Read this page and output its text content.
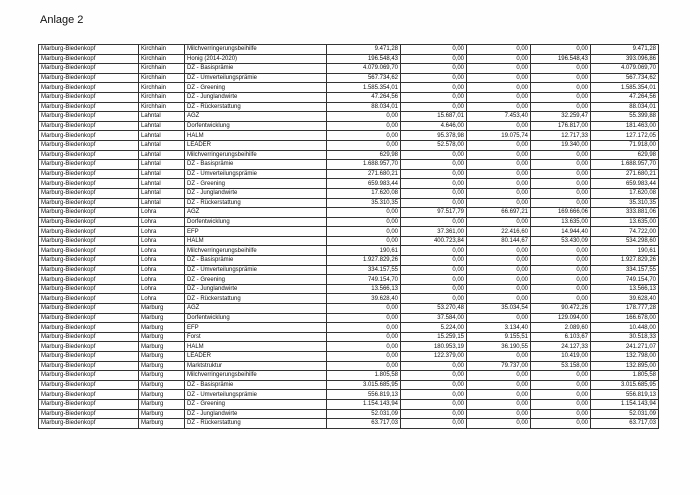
Anlage 2
Marburg-Biedenkopf	Kirchhain	Milchverringerungsbeihilfe	9.471,28	0,00	0,00	0,00	9.471,28
Marburg-Biedenkopf	Kirchhain	Honig (2014-2020)	196.548,43	0,00	0,00	196.548,43	393.096,86
Marburg-Biedenkopf	Kirchhain	DZ - Basisprämie	4.079.069,70	0,00	0,00	0,00	4.079.069,70
Marburg-Biedenkopf	Kirchhain	DZ - Umverteilungsprämie	567.734,62	0,00	0,00	0,00	567.734,62
Marburg-Biedenkopf	Kirchhain	DZ - Greening	1.585.354,01	0,00	0,00	0,00	1.585.354,01
Marburg-Biedenkopf	Kirchhain	DZ - Junglandwirte	47.264,56	0,00	0,00	0,00	47.264,56
Marburg-Biedenkopf	Kirchhain	DZ - Rückerstattung	88.034,01	0,00	0,00	0,00	88.034,01
Marburg-Biedenkopf	Lahntal	AGZ	0,00	15.687,01	7.453,40	32.259,47	55.399,88
Marburg-Biedenkopf	Lahntal	Dorfentwicklung	0,00	4.646,00	0,00	176.817,00	181.463,00
Marburg-Biedenkopf	Lahntal	HALM	0,00	95.378,98	19.075,74	12.717,33	127.172,05
Marburg-Biedenkopf	Lahntal	LEADER	0,00	52.578,00	0,00	19.340,00	71.918,00
Marburg-Biedenkopf	Lahntal	Milchverringerungsbeihilfe	629,98	0,00	0,00	0,00	629,98
Marburg-Biedenkopf	Lahntal	DZ - Basisprämie	1.688.957,70	0,00	0,00	0,00	1.688.957,70
Marburg-Biedenkopf	Lahntal	DZ - Umverteilungsprämie	271.680,21	0,00	0,00	0,00	271.680,21
Marburg-Biedenkopf	Lahntal	DZ - Greening	659.983,44	0,00	0,00	0,00	659.983,44
Marburg-Biedenkopf	Lahntal	DZ - Junglandwirte	17.620,08	0,00	0,00	0,00	17.620,08
Marburg-Biedenkopf	Lahntal	DZ - Rückerstattung	35.310,35	0,00	0,00	0,00	35.310,35
Marburg-Biedenkopf	Lohra	AGZ	0,00	97.517,79	66.697,21	169.666,06	333.881,06
Marburg-Biedenkopf	Lohra	Dorfentwicklung	0,00	0,00	0,00	13.635,00	13.635,00
Marburg-Biedenkopf	Lohra	EFP	0,00	37.361,00	22.416,60	14.944,40	74.722,00
Marburg-Biedenkopf	Lohra	HALM	0,00	400.723,84	80.144,67	53.430,09	534.298,60
Marburg-Biedenkopf	Lohra	Milchverringerungsbeihilfe	190,61	0,00	0,00	0,00	190,61
Marburg-Biedenkopf	Lohra	DZ - Basisprämie	1.927.829,26	0,00	0,00	0,00	1.927.829,26
Marburg-Biedenkopf	Lohra	DZ - Umverteilungsprämie	334.157,55	0,00	0,00	0,00	334.157,55
Marburg-Biedenkopf	Lohra	DZ - Greening	749.154,70	0,00	0,00	0,00	749.154,70
Marburg-Biedenkopf	Lohra	DZ - Junglandwirte	13.566,13	0,00	0,00	0,00	13.566,13
Marburg-Biedenkopf	Lohra	DZ - Rückerstattung	39.628,40	0,00	0,00	0,00	39.628,40
Marburg-Biedenkopf	Marburg	AGZ	0,00	53.270,48	35.034,54	90.472,26	178.777,28
Marburg-Biedenkopf	Marburg	Dorfentwicklung	0,00	37.584,00	0,00	129.094,00	166.678,00
Marburg-Biedenkopf	Marburg	EFP	0,00	5.224,00	3.134,40	2.089,60	10.448,00
Marburg-Biedenkopf	Marburg	Forst	0,00	15.259,15	9.155,51	6.103,67	30.518,33
Marburg-Biedenkopf	Marburg	HALM	0,00	180.953,19	36.190,55	24.127,33	241.271,07
Marburg-Biedenkopf	Marburg	LEADER	0,00	122.379,00	0,00	10.419,00	132.798,00
Marburg-Biedenkopf	Marburg	Marktstruktur	0,00	0,00	79.737,00	53.158,00	132.895,00
Marburg-Biedenkopf	Marburg	Milchverringerungsbeihilfe	1.805,58	0,00	0,00	0,00	1.805,58
Marburg-Biedenkopf	Marburg	DZ - Basisprämie	3.015.685,95	0,00	0,00	0,00	3.015.685,95
Marburg-Biedenkopf	Marburg	DZ - Umverteilungsprämie	556.819,13	0,00	0,00	0,00	556.819,13
Marburg-Biedenkopf	Marburg	DZ - Greening	1.154.143,94	0,00	0,00	0,00	1.154.143,94
Marburg-Biedenkopf	Marburg	DZ - Junglandwirte	52.031,09	0,00	0,00	0,00	52.031,09
Marburg-Biedenkopf	Marburg	DZ - Rückerstattung	63.717,03	0,00	0,00	0,00	63.717,03
